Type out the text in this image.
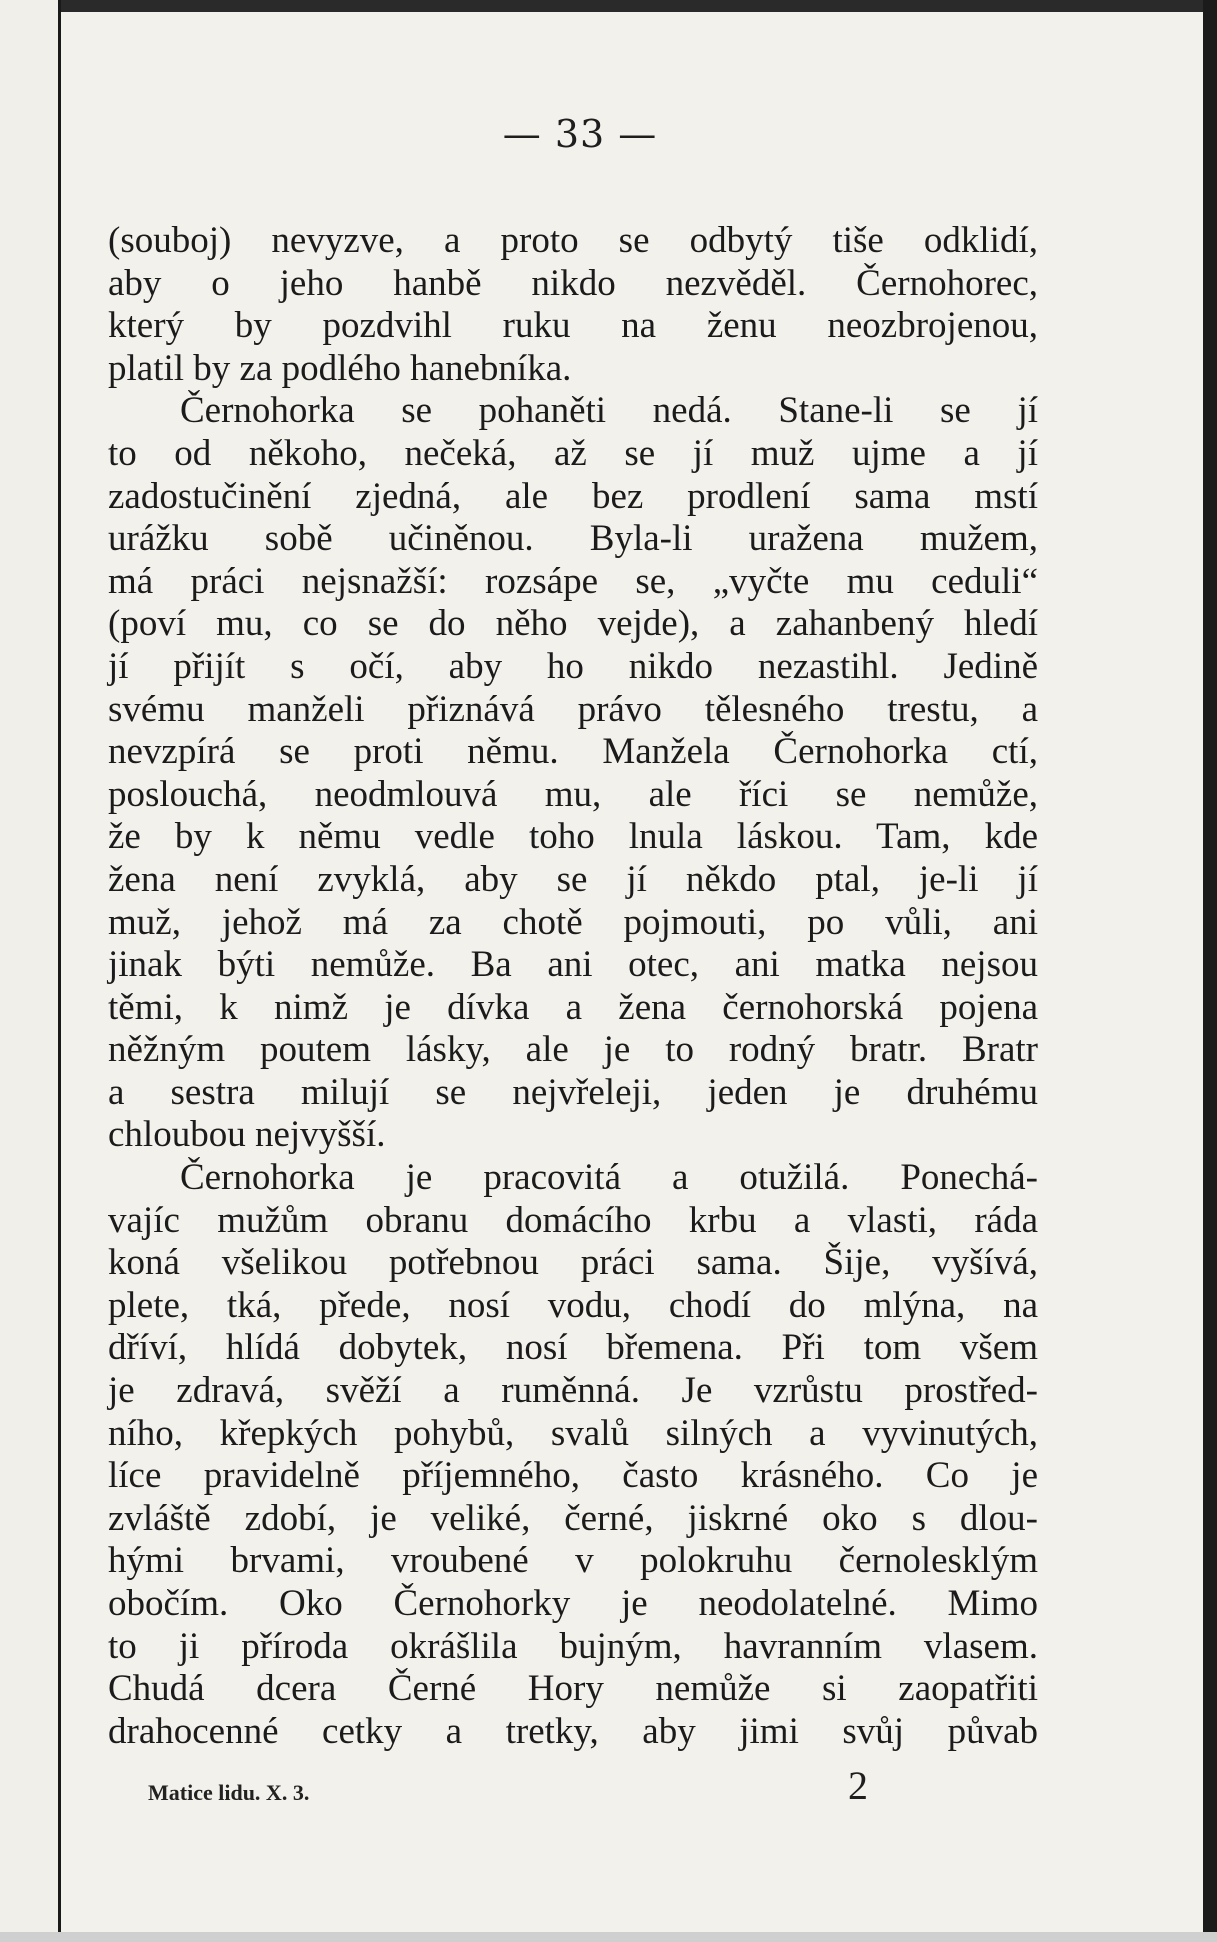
— 33 —
(souboj) nevyzve, a proto se odbytý tiše odklidí,
aby o jeho hanbě nikdo nezvěděl. Černohorec,
který by pozdvihl ruku na ženu neozbrojenou,
platil by za podlého hanebníka.
Černohorka se pohaněti nedá. Stane-li se jí
to od někoho, nečeká, až se jí muž ujme a jí
zadostučinění zjedná, ale bez prodlení sama mstí
urážku sobě učiněnou. Byla-li uražena mužem,
má práci nejsnažší: rozsápe se, „vyčte mu ceduli“
(poví mu, co se do něho vejde), a zahanbený hledí
jí přijít s očí, aby ho nikdo nezastihl. Jedině
svému manželi přiznává právo tělesného trestu, a
nevzpírá se proti němu. Manžela Černohorka ctí,
poslouchá, neodmlouvá mu, ale říci se nemůže,
že by k němu vedle toho lnula láskou. Tam, kde
žena není zvyklá, aby se jí někdo ptal, je-li jí
muž, jehož má za chotě pojmouti, po vůli, ani
jinak býti nemůže. Ba ani otec, ani matka nejsou
těmi, k nimž je dívka a žena černohorská pojena
něžným poutem lásky, ale je to rodný bratr. Bratr
a sestra milují se nejvřeleji, jeden je druhému
chloubou nejvyšší.
Černohorka je pracovitá a otužilá. Ponechá-
vajíc mužům obranu domácího krbu a vlasti, ráda
koná všelikou potřebnou práci sama. Šije, vyšívá,
plete, tká, přede, nosí vodu, chodí do mlýna, na
dříví, hlídá dobytek, nosí břemena. Při tom všem
je zdravá, svěží a ruměnná. Je vzrůstu prostřed-
ního, křepkých pohybů, svalů silných a vyvinutých,
líce pravidelně příjemného, často krásného. Co je
zvláště zdobí, je veliké, černé, jiskrné oko s dlou-
hými brvami, vroubené v polokruhu černolesklým
obočím. Oko Černohorky je neodolatelné. Mimo
to ji příroda okrášlila bujným, havranním vlasem.
Chudá dcera Černé Hory nemůže si zaopatřiti
drahocenné cetky a tretky, aby jimi svůj půvab
Matice lidu. X. 3.	2
